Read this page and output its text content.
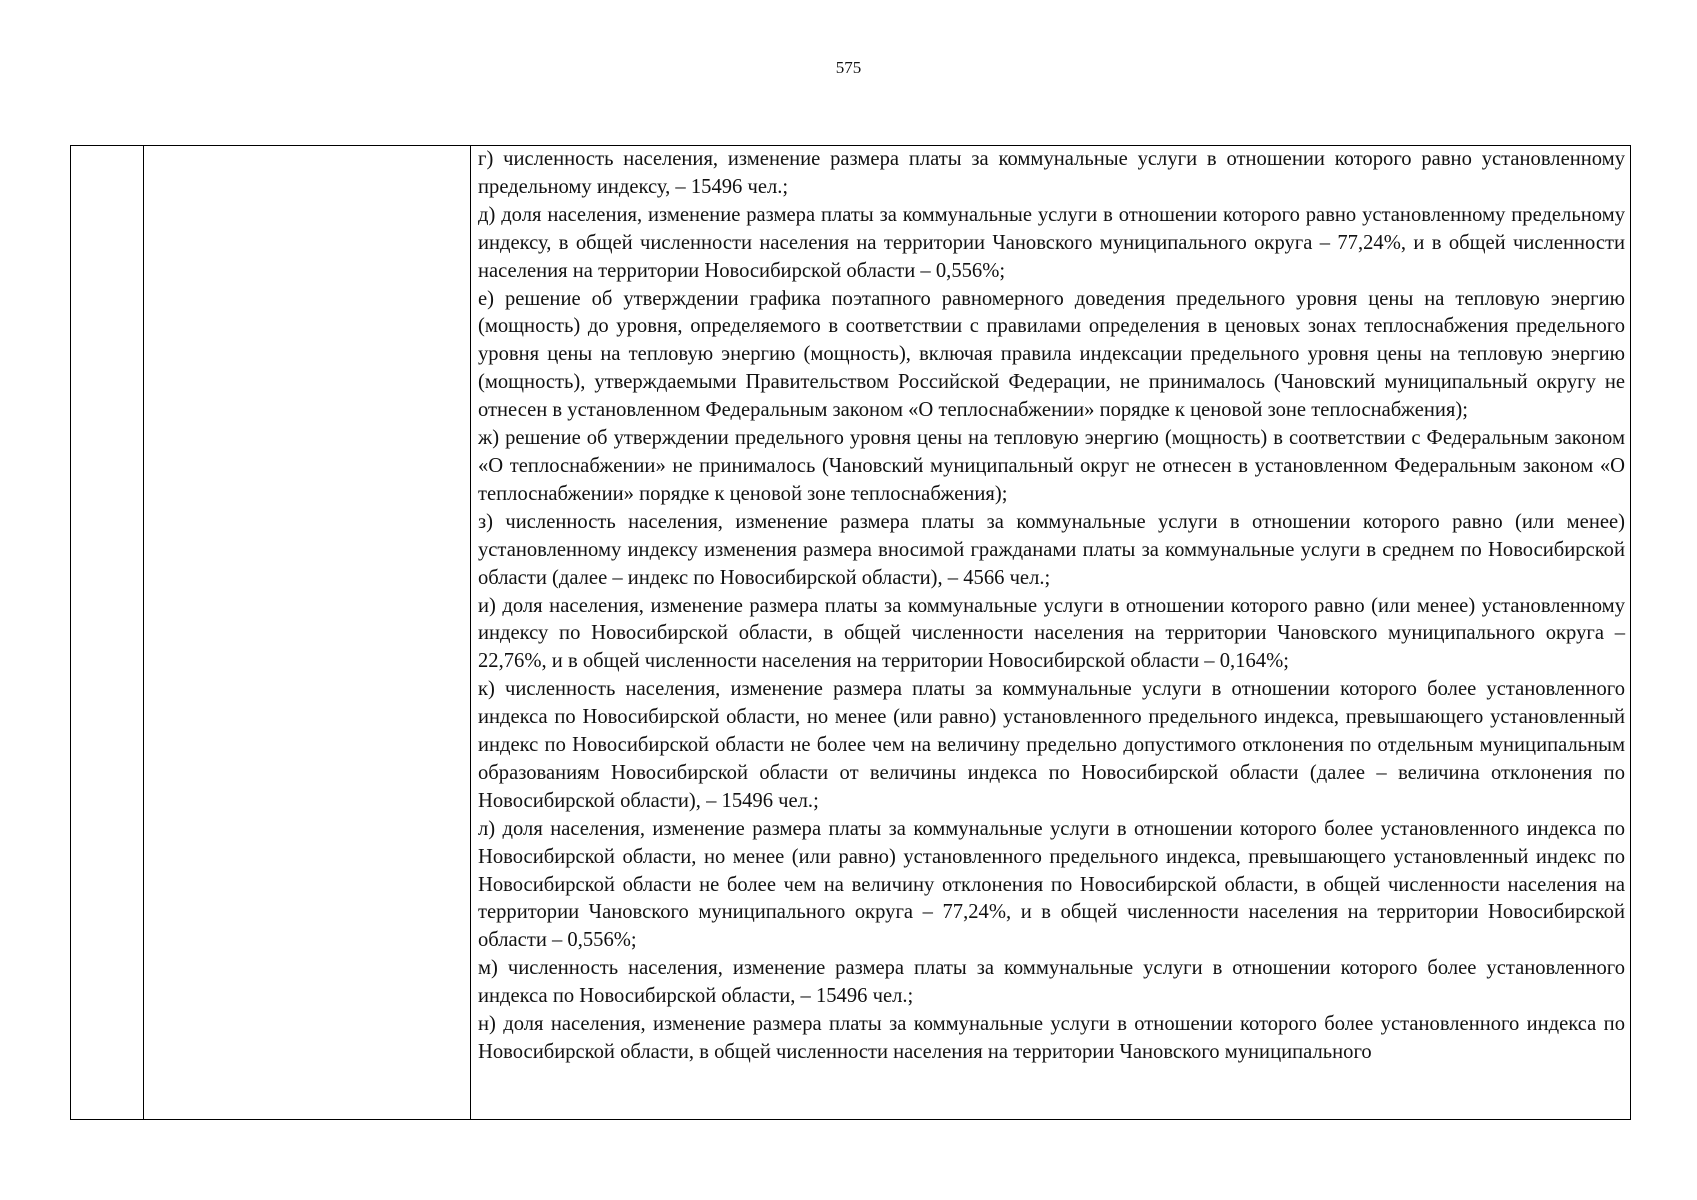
575

г) численность населения, изменение размера платы за коммунальные услуги в отношении которого равно установленному предельному индексу, – 15496 чел.;

д) доля населения, изменение размера платы за коммунальные услуги в отношении которого равно установленному предельному индексу, в общей численности населения на территории Чановского муниципального округа – 77,24%, и в общей численности населения на территории Новосибирской области – 0,556%;

е) решение об утверждении графика поэтапного равномерного доведения предельного уровня цены на тепловую энергию (мощность) до уровня, определяемого в соответствии с правилами определения в ценовых зонах теплоснабжения предельного уровня цены на тепловую энергию (мощность), включая правила индексации предельного уровня цены на тепловую энергию (мощность), утверждаемыми Правительством Российской Федерации, не принималось (Чановский муниципальный округу не отнесен в установленном Федеральным законом «О теплоснабжении» порядке к ценовой зоне теплоснабжения);

ж) решение об утверждении предельного уровня цены на тепловую энергию (мощность) в соответствии с Федеральным законом «О теплоснабжении» не принималось (Чановский муниципальный округ не отнесен в установленном Федеральным законом «О теплоснабжении» порядке к ценовой зоне теплоснабжения);

з) численность населения, изменение размера платы за коммунальные услуги в отношении которого равно (или менее) установленному индексу изменения размера вносимой гражданами платы за коммунальные услуги в среднем по Новосибирской области (далее – индекс по Новосибирской области), – 4566 чел.;

и) доля населения, изменение размера платы за коммунальные услуги в отношении которого равно (или менее) установленному индексу по Новосибирской области, в общей численности населения на территории Чановского муниципального округа – 22,76%, и в общей численности населения на территории Новосибирской области – 0,164%;

к) численность населения, изменение размера платы за коммунальные услуги в отношении которого более установленного индекса по Новосибирской области, но менее (или равно) установленного предельного индекса, превышающего установленный индекс по Новосибирской области не более чем на величину предельно допустимого отклонения по отдельным муниципальным образованиям Новосибирской области от величины индекса по Новосибирской области (далее – величина отклонения по Новосибирской области), – 15496 чел.;

л) доля населения, изменение размера платы за коммунальные услуги в отношении которого более установленного индекса по Новосибирской области, но менее (или равно) установленного предельного индекса, превышающего установленный индекс по Новосибирской области не более чем на величину отклонения по Новосибирской области, в общей численности населения на территории Чановского муниципального округа – 77,24%, и в общей численности населения на территории Новосибирской области – 0,556%;

м) численность населения, изменение размера платы за коммунальные услуги в отношении которого более установленного индекса по Новосибирской области, – 15496 чел.;

н) доля населения, изменение размера платы за коммунальные услуги в отношении которого более установленного индекса по Новосибирской области, в общей численности населения на территории Чановского муниципального
